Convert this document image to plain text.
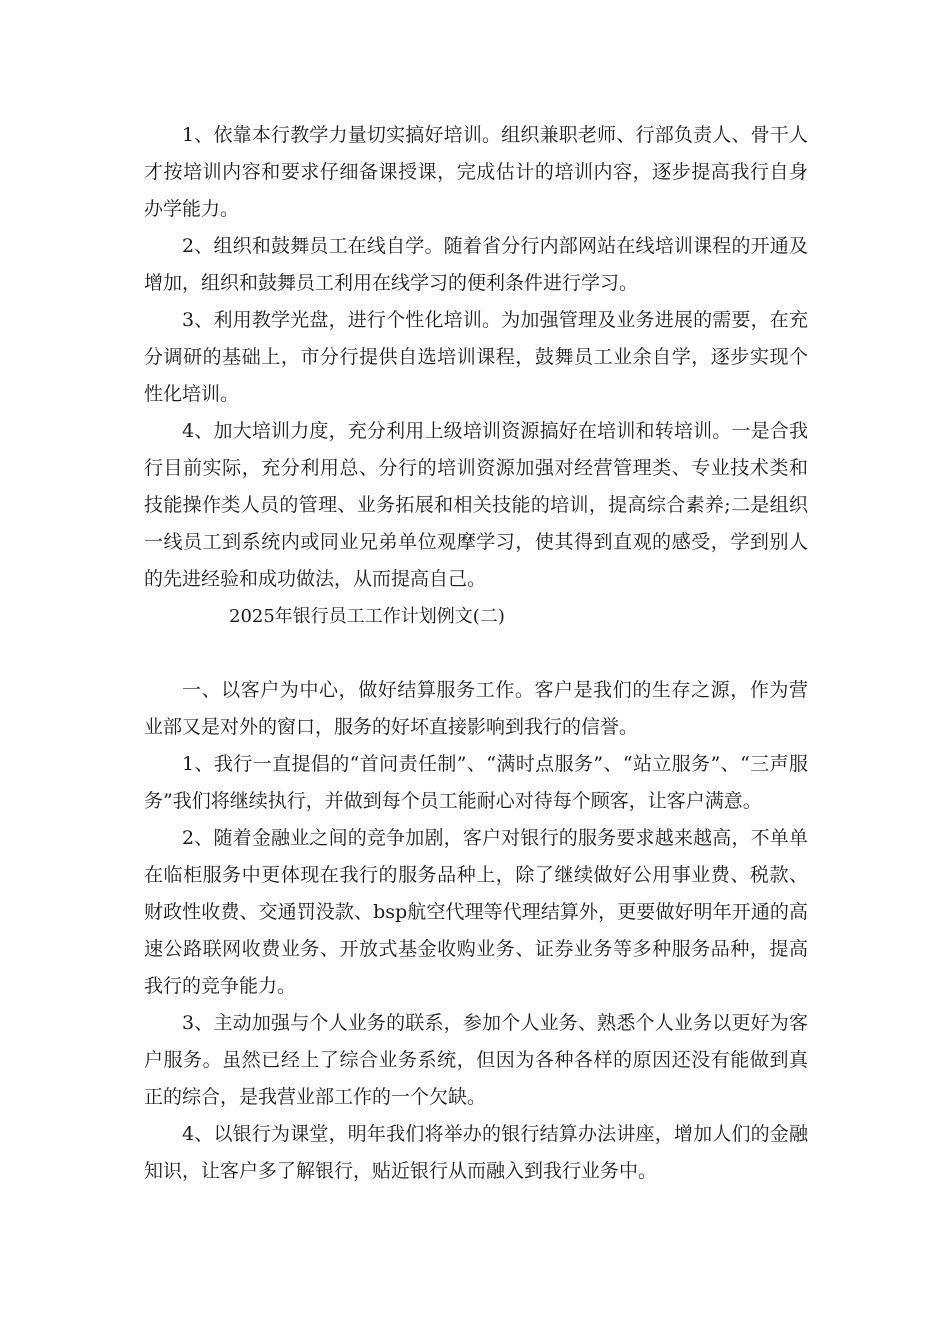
1、依靠本行教学力量切实搞好培训。组织兼职老师、行部负责人、骨干人才按培训内容和要求仔细备课授课，完成估计的培训内容，逐步提高我行自身办学能力。

2、组织和鼓舞员工在线自学。随着省分行内部网站在线培训课程的开通及增加，组织和鼓舞员工利用在线学习的便利条件进行学习。

3、利用教学光盘，进行个性化培训。为加强管理及业务进展的需要，在充分调研的基础上，市分行提供自选培训课程，鼓舞员工业余自学，逐步实现个性化培训。

4、加大培训力度，充分利用上级培训资源搞好在培训和转培训。一是合我行目前实际，充分利用总、分行的培训资源加强对经营管理类、专业技术类和技能操作类人员的管理、业务拓展和相关技能的培训，提高综合素养;二是组织一线员工到系统内或同业兄弟单位观摩学习，使其得到直观的感受，学到别人的先进经验和成功做法，从而提高自己。

2025年银行员工工作计划例文(二)

一、以客户为中心，做好结算服务工作。客户是我们的生存之源，作为营业部又是对外的窗口，服务的好坏直接影响到我行的信誉。

1、我行一直提倡的“首问责任制”、“满时点服务”、“站立服务”、“三声服务”我们将继续执行，并做到每个员工能耐心对待每个顾客，让客户满意。

2、随着金融业之间的竞争加剧，客户对银行的服务要求越来越高，不单单在临柜服务中更体现在我行的服务品种上，除了继续做好公用事业费、税款、财政性收费、交通罚没款、bsp航空代理等代理结算外，更要做好明年开通的高速公路联网收费业务、开放式基金收购业务、证券业务等多种服务品种，提高我行的竞争能力。

3、主动加强与个人业务的联系，参加个人业务、熟悉个人业务以更好为客户服务。虽然已经上了综合业务系统，但因为各种各样的原因还没有能做到真正的综合，是我营业部工作的一个欠缺。

4、以银行为课堂，明年我们将举办的银行结算办法讲座，增加人们的金融知识，让客户多了解银行，贴近银行从而融入到我行业务中。
